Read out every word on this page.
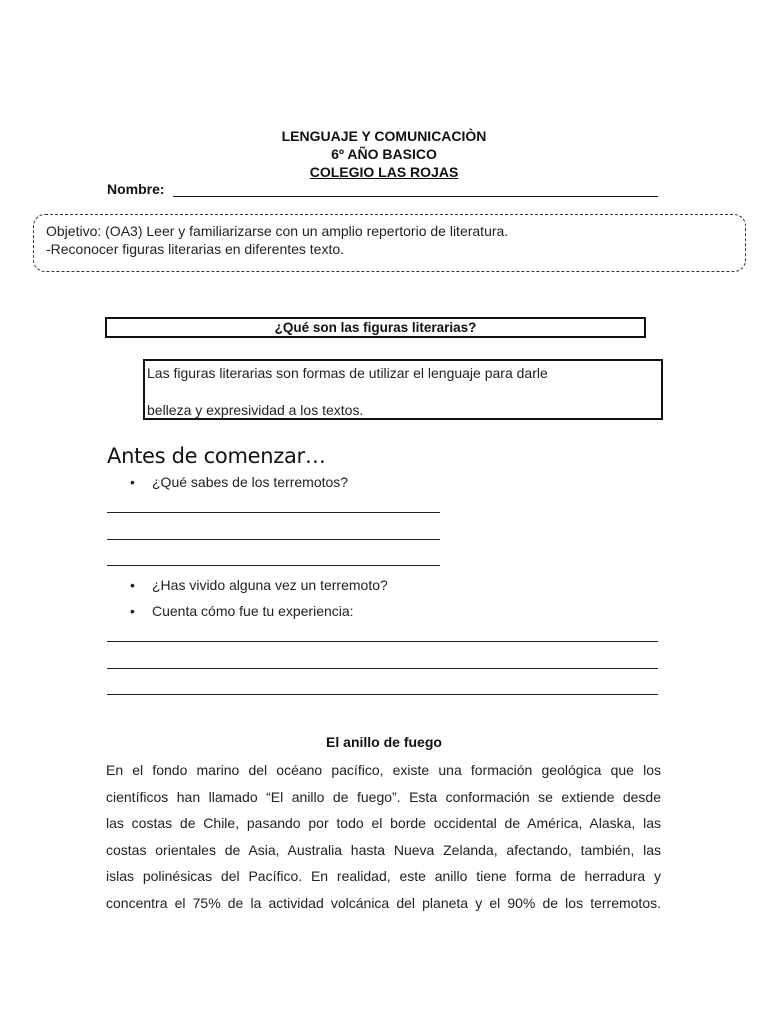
LENGUAJE Y COMUNICACIÒN
6º AÑO BASICO
COLEGIO LAS ROJAS
Nombre:
Objetivo: (OA3) Leer y familiarizarse con un amplio repertorio de literatura.
-Reconocer figuras literarias en diferentes texto.
¿Qué son las figuras literarias?
Las figuras literarias son formas de utilizar el lenguaje para darle
belleza y expresividad a los textos.
Antes de comenzar…
• ¿Qué sabes de los terremotos?
• ¿Has vivido alguna vez un terremoto?
• Cuenta cómo fue tu experiencia:
El anillo de fuego
En el fondo marino del océano pacífico, existe una formación geológica que los
científicos han llamado “El anillo de fuego”. Esta conformación se extiende desde
las costas de Chile, pasando por todo el borde occidental de América, Alaska, las
costas orientales de Asia, Australia hasta Nueva Zelanda, afectando, también, las
islas polinésicas del Pacífico. En realidad, este anillo tiene forma de herradura y
concentra el 75% de la actividad volcánica del planeta y el 90% de los terremotos.
